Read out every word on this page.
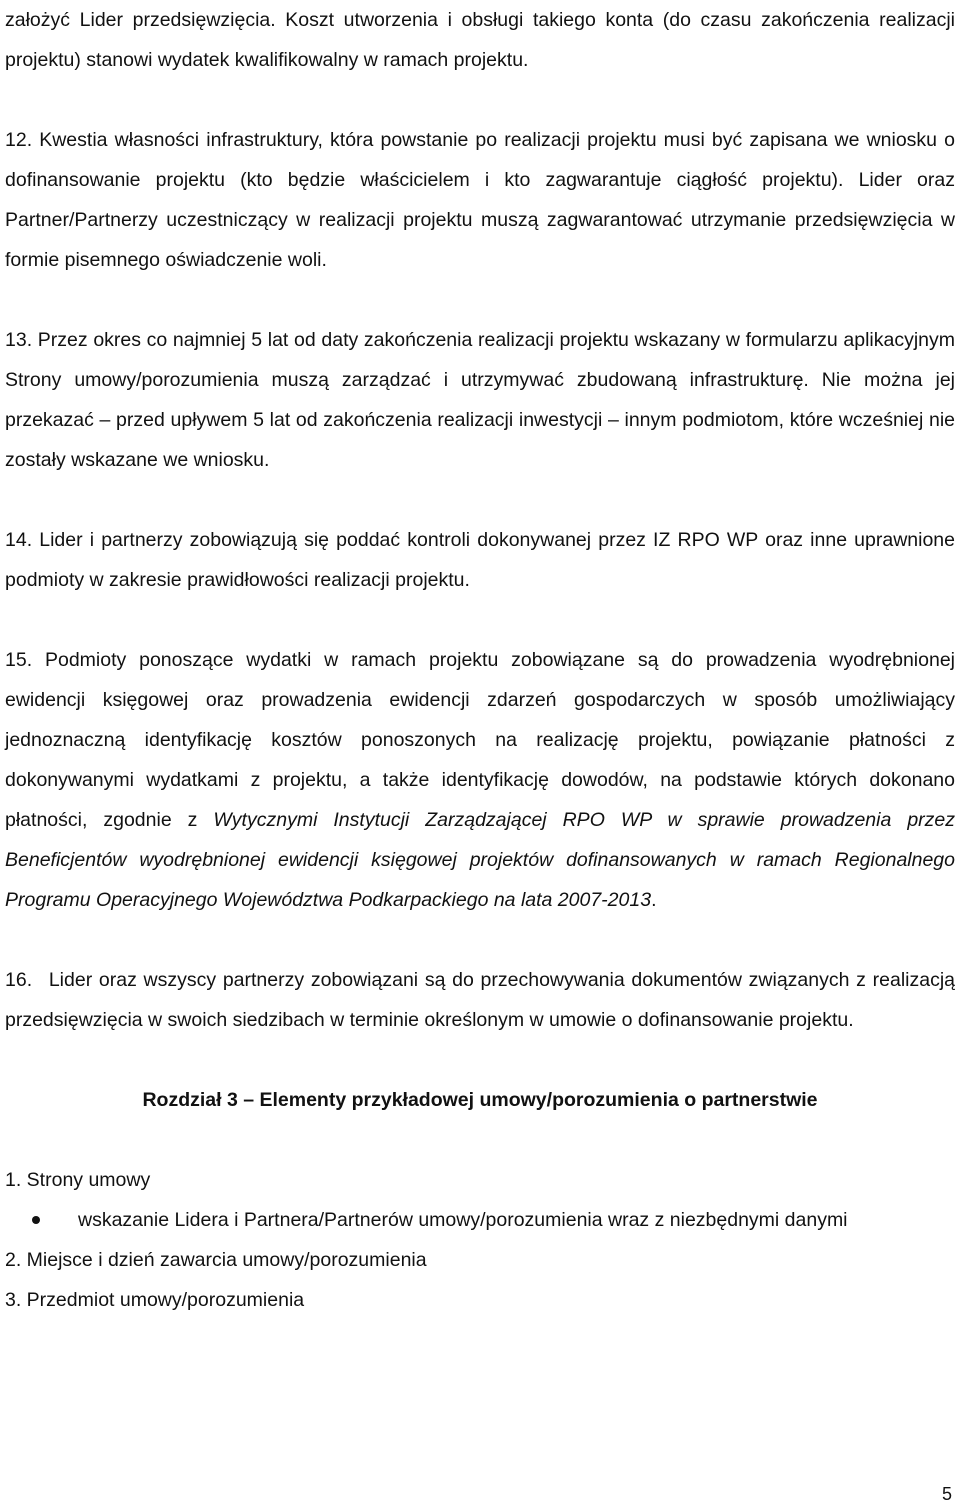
założyć Lider przedsięwzięcia. Koszt utworzenia i obsługi takiego konta (do czasu zakończenia realizacji projektu) stanowi wydatek kwalifikowalny w ramach projektu.

12. Kwestia własności infrastruktury, która powstanie po realizacji projektu musi być zapisana we wniosku o dofinansowanie projektu (kto będzie właścicielem i kto zagwarantuje ciągłość projektu). Lider oraz Partner/Partnerzy uczestniczący w realizacji projektu muszą zagwarantować utrzymanie przedsięwzięcia w formie pisemnego oświadczenie woli.

13. Przez okres co najmniej 5 lat od daty zakończenia realizacji projektu wskazany w formularzu aplikacyjnym Strony umowy/porozumienia muszą zarządzać i utrzymywać zbudowaną infrastrukturę. Nie można jej przekazać – przed upływem 5 lat od zakończenia realizacji inwestycji – innym podmiotom, które wcześniej nie zostały wskazane we wniosku.

14. Lider i partnerzy zobowiązują się poddać kontroli dokonywanej przez IZ RPO WP oraz inne uprawnione podmioty w zakresie prawidłowości realizacji projektu.

15. Podmioty ponoszące wydatki w ramach projektu zobowiązane są do prowadzenia wyodrębnionej ewidencji księgowej oraz prowadzenia ewidencji zdarzeń gospodarczych w sposób umożliwiający jednoznaczną identyfikację kosztów ponoszonych na realizację projektu, powiązanie płatności z dokonywanymi wydatkami z projektu, a także identyfikację dowodów, na podstawie których dokonano płatności, zgodnie z Wytycznymi Instytucji Zarządzającej RPO WP w sprawie prowadzenia przez Beneficjentów wyodrębnionej ewidencji księgowej projektów dofinansowanych w ramach Regionalnego Programu Operacyjnego Województwa Podkarpackiego na lata 2007-2013.

16. Lider oraz wszyscy partnerzy zobowiązani są do przechowywania dokumentów związanych z realizacją przedsięwzięcia w swoich siedzibach w terminie określonym w umowie o dofinansowanie projektu.

Rozdział 3 – Elementy przykładowej umowy/porozumienia o partnerstwie

1. Strony umowy

wskazanie Lidera i Partnera/Partnerów umowy/porozumienia wraz z niezbędnymi danymi

2. Miejsce i dzień zawarcia umowy/porozumienia

3. Przedmiot umowy/porozumienia

5
